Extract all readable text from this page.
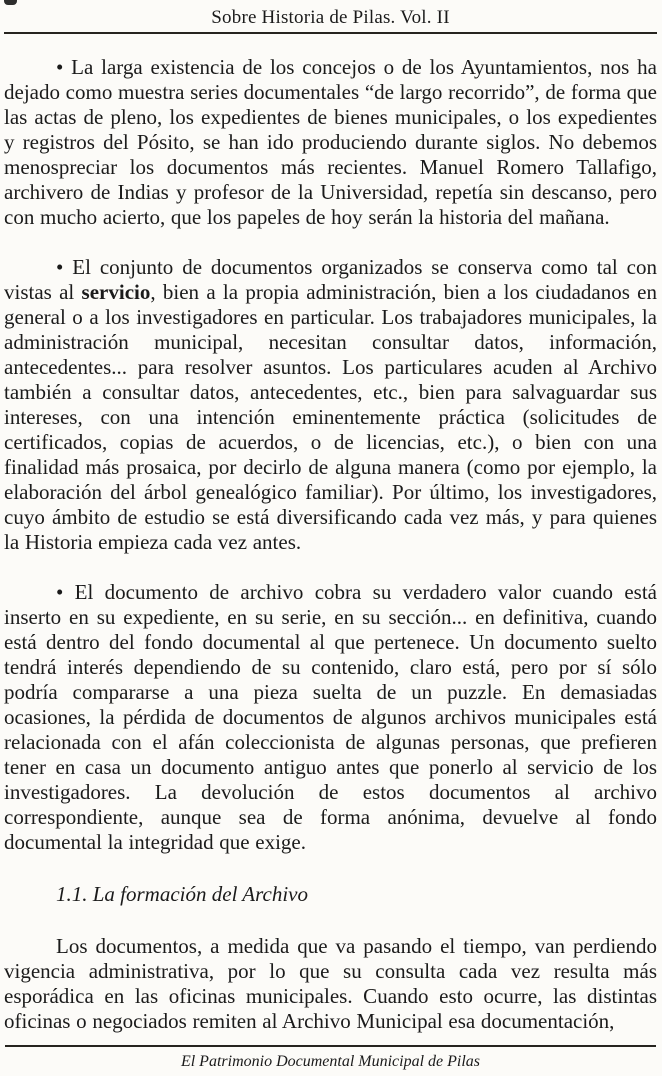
Sobre Historia de Pilas. Vol. II

• La larga existencia de los concejos o de los Ayuntamientos, nos ha dejado como muestra series documentales “de largo recorrido”, de forma que las actas de pleno, los expedientes de bienes municipales, o los expedientes y registros del Pósito, se han ido produciendo durante siglos. No debemos menospreciar los documentos más recientes. Manuel Romero Tallafigo, archivero de Indias y profesor de la Universidad, repetía sin descanso, pero con mucho acierto, que los papeles de hoy serán la historia del mañana.

• El conjunto de documentos organizados se conserva como tal con vistas al servicio, bien a la propia administración, bien a los ciudadanos en general o a los investigadores en particular. Los trabajadores municipales, la administración municipal, necesitan consultar datos, información, antecedentes... para resolver asuntos. Los particulares acuden al Archivo también a consultar datos, antecedentes, etc., bien para salvaguardar sus intereses, con una intención eminentemente práctica (solicitudes de certificados, copias de acuerdos, o de licencias, etc.), o bien con una finalidad más prosaica, por decirlo de alguna manera (como por ejemplo, la elaboración del árbol genealógico familiar). Por último, los investigadores, cuyo ámbito de estudio se está diversificando cada vez más, y para quienes la Historia empieza cada vez antes.

• El documento de archivo cobra su verdadero valor cuando está inserto en su expediente, en su serie, en su sección... en definitiva, cuando está dentro del fondo documental al que pertenece. Un documento suelto tendrá interés dependiendo de su contenido, claro está, pero por sí sólo podría compararse a una pieza suelta de un puzzle. En demasiadas ocasiones, la pérdida de documentos de algunos archivos municipales está relacionada con el afán coleccionista de algunas personas, que prefieren tener en casa un documento antiguo antes que ponerlo al servicio de los investigadores. La devolución de estos documentos al archivo correspondiente, aunque sea de forma anónima, devuelve al fondo documental la integridad que exige.

1.1. La formación del Archivo

Los documentos, a medida que va pasando el tiempo, van perdiendo vigencia administrativa, por lo que su consulta cada vez resulta más esporádica en las oficinas municipales. Cuando esto ocurre, las distintas oficinas o negociados remiten al Archivo Municipal esa documentación,

El Patrimonio Documental Municipal de Pilas
